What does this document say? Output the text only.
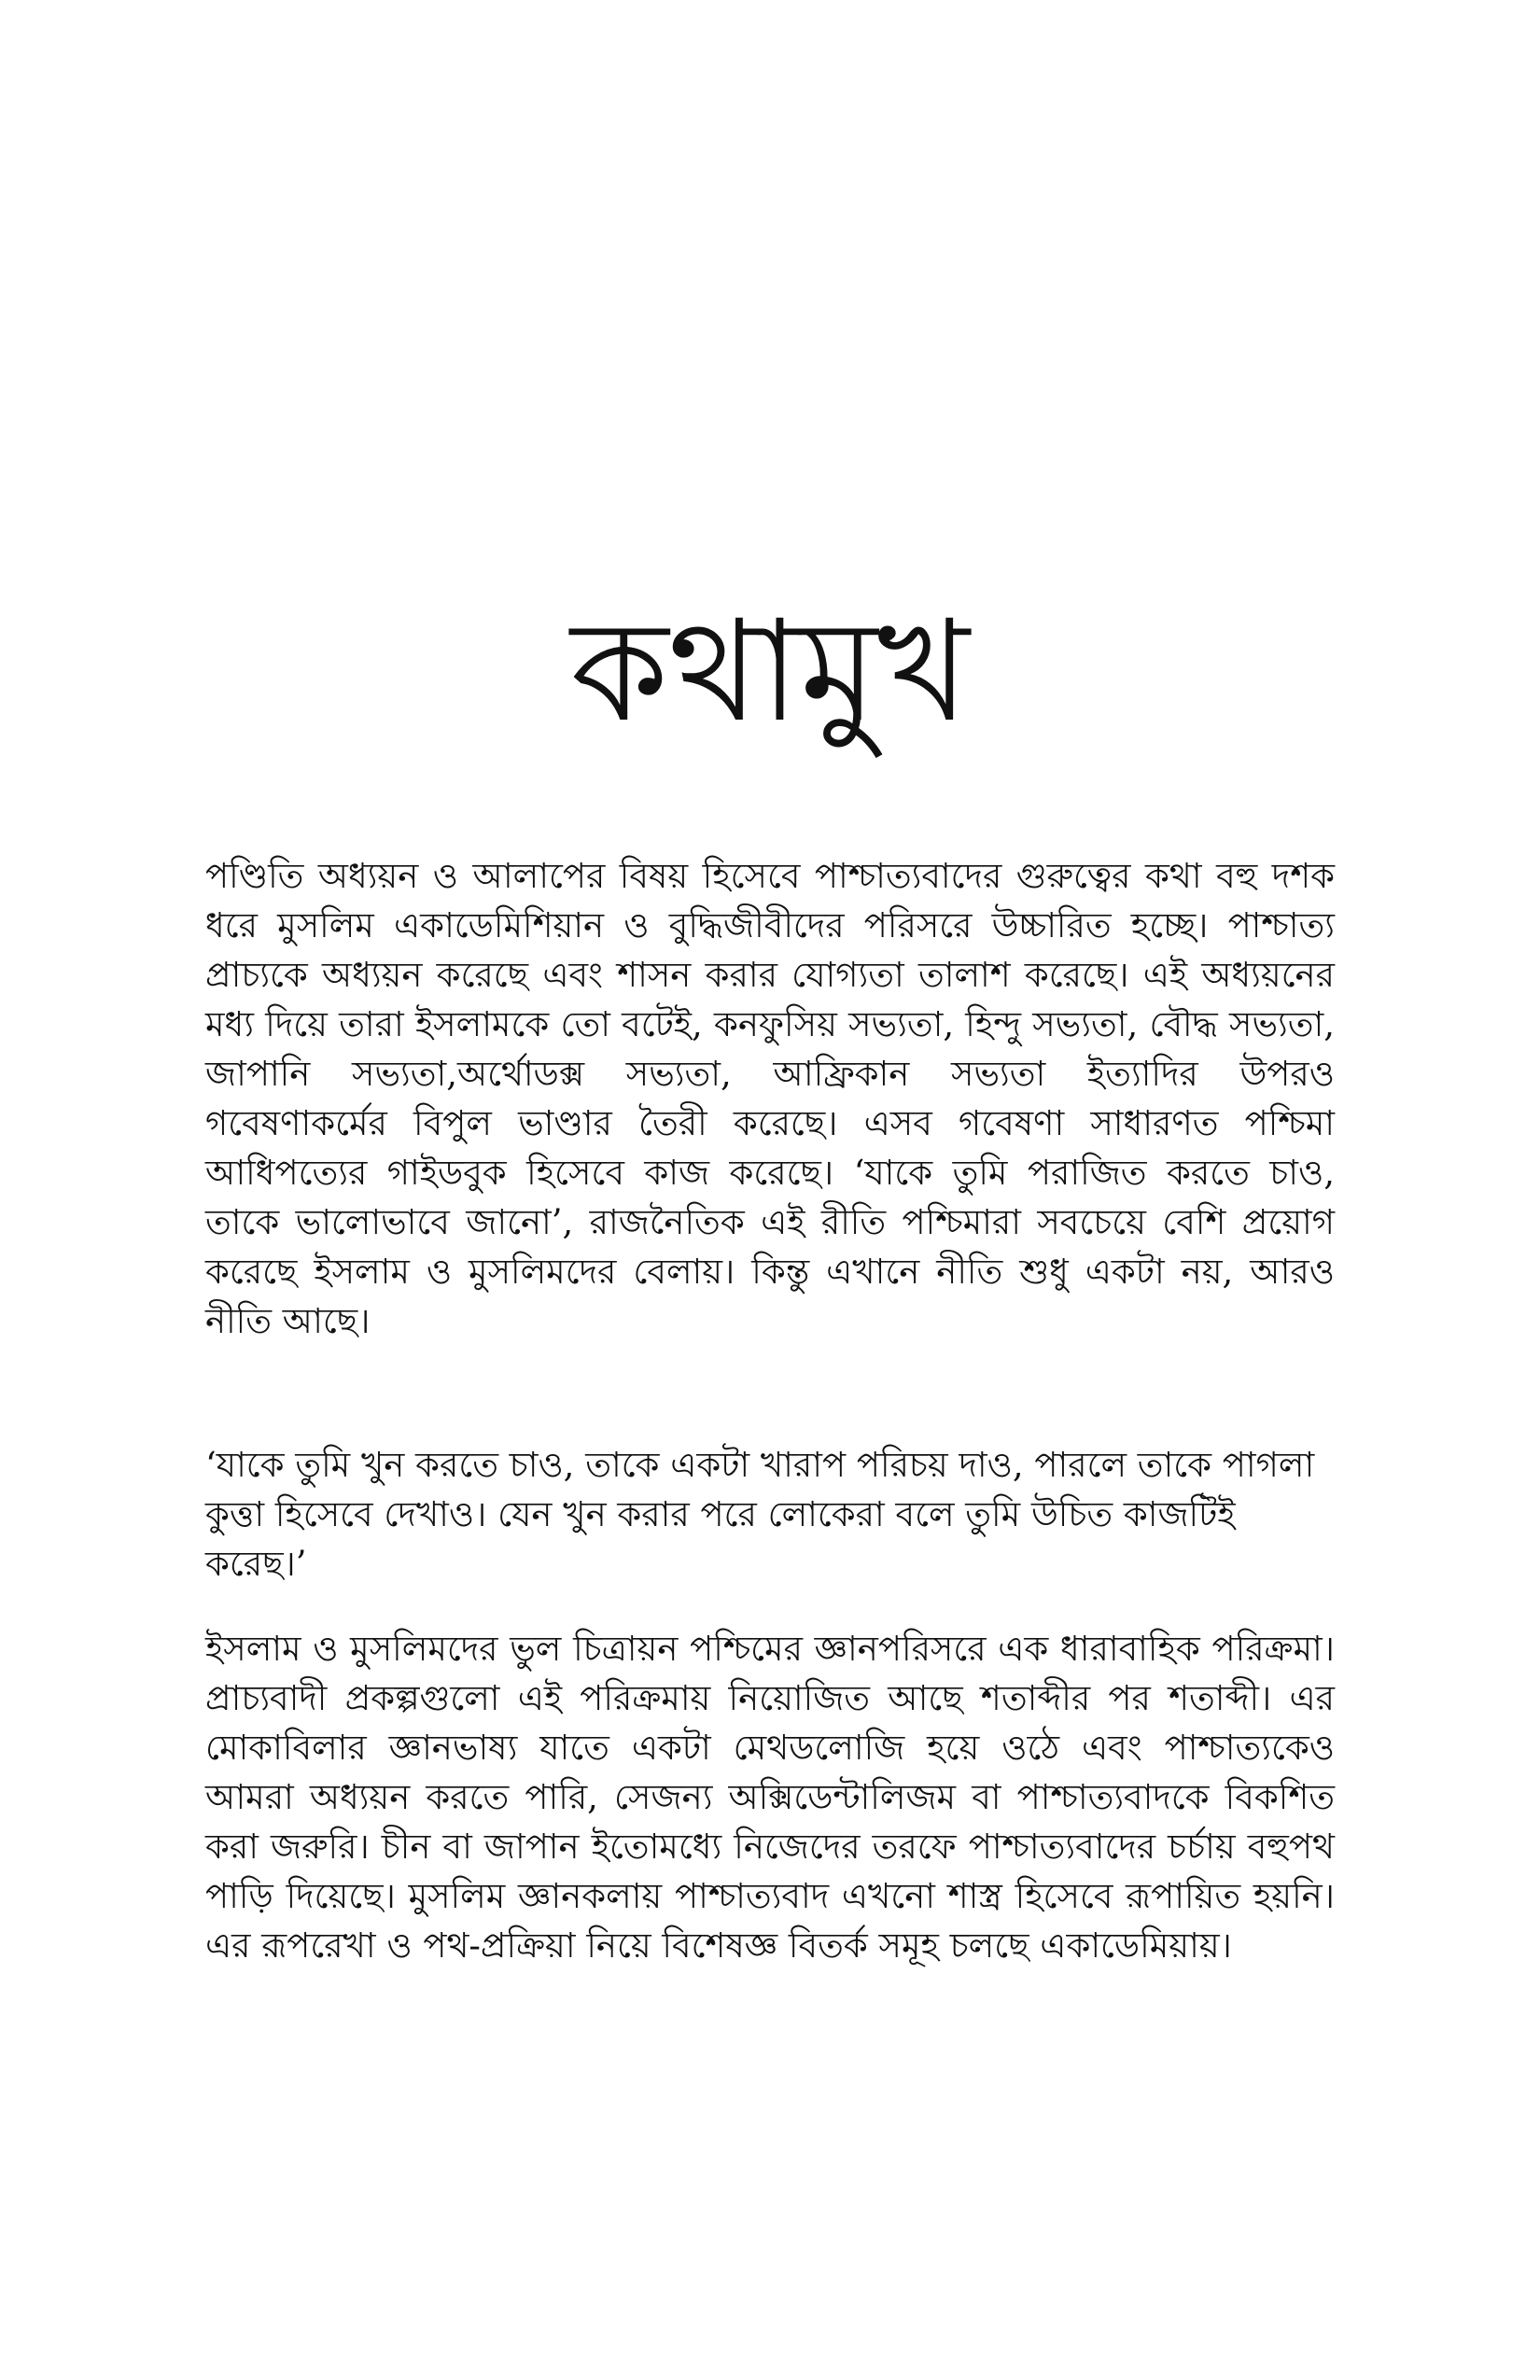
কথামুখ

পণ্ডিতি অধ্যয়ন ও আলাপের বিষয় হিসেবে পাশ্চাত্যবাদের গুরুত্বের কথা বহু দশক ধরে মুসলিম একাডেমিশিয়ান ও বুদ্ধিজীবীদের পরিসরে উচ্চারিত হচ্ছে। পাশ্চাত্য প্রাচ্যকে অধ্যয়ন করেছে এবং শাসন করার যোগ্যতা তালাশ করেছে। এই অধ্যয়নের মধ্য দিয়ে তারা ইসলামকে তো বটেই, কনফুসিয় সভ্যতা, হিন্দু সভ্যতা, বৌদ্ধ সভ্যতা, জাপানি সভ্যতা,অর্থোডক্স সভ্যতা, আফ্রিকান সভ্যতা ইত্যাদির উপরও গবেষণাকর্মের বিপুল ভাণ্ডার তৈরী করেছে। এসব গবেষণা সাধারণত পশ্চিমা আধিপত্যের গাইডবুক হিসেবে কাজ করেছে। ‘যাকে তুমি পরাজিত করতে চাও, তাকে ভালোভাবে জানো’, রাজনৈতিক এই রীতি পশ্চিমারা সবচেয়ে বেশি প্রয়োগ করেছে ইসলাম ও মুসলিমদের বেলায়। কিন্তু এখানে নীতি শুধু একটা নয়, আরও নীতি আছে।

‘যাকে তুমি খুন করতে চাও, তাকে একটা খারাপ পরিচয় দাও, পারলে তাকে পাগলা কুত্তা হিসেবে দেখাও। যেন খুন করার পরে লোকেরা বলে তুমি উচিত কাজটিই করেছ।’

ইসলাম ও মুসলিমদের ভুল চিত্রায়ন পশ্চিমের জ্ঞানপরিসরে এক ধারাবাহিক পরিক্রমা। প্রাচ্যবাদী প্রকল্পগুলো এই পরিক্রমায় নিয়োজিত আছে শতাব্দীর পর শতাব্দী। এর মোকাবিলার জ্ঞানভাষ্য যাতে একটা মেথডলোজি হয়ে ওঠে এবং পাশ্চাত্যকেও আমরা অধ্যয়ন করতে পারি, সেজন্য অক্সিডেন্টালিজম বা পাশ্চাত্যবাদকে বিকশিত করা জরুরি। চীন বা জাপান ইতোমধ্যে নিজেদের তরফে পাশ্চাত্যবাদের চর্চায় বহুপথ পাড়ি দিয়েছে। মুসলিম জ্ঞানকলায় পাশ্চাত্যবাদ এখনো শাস্ত্র হিসেবে রূপায়িত হয়নি। এর রূপরেখা ও পথ-প্রক্রিয়া নিয়ে বিশেষজ্ঞ বিতর্ক সমূহ চলছে একাডেমিয়ায়।
